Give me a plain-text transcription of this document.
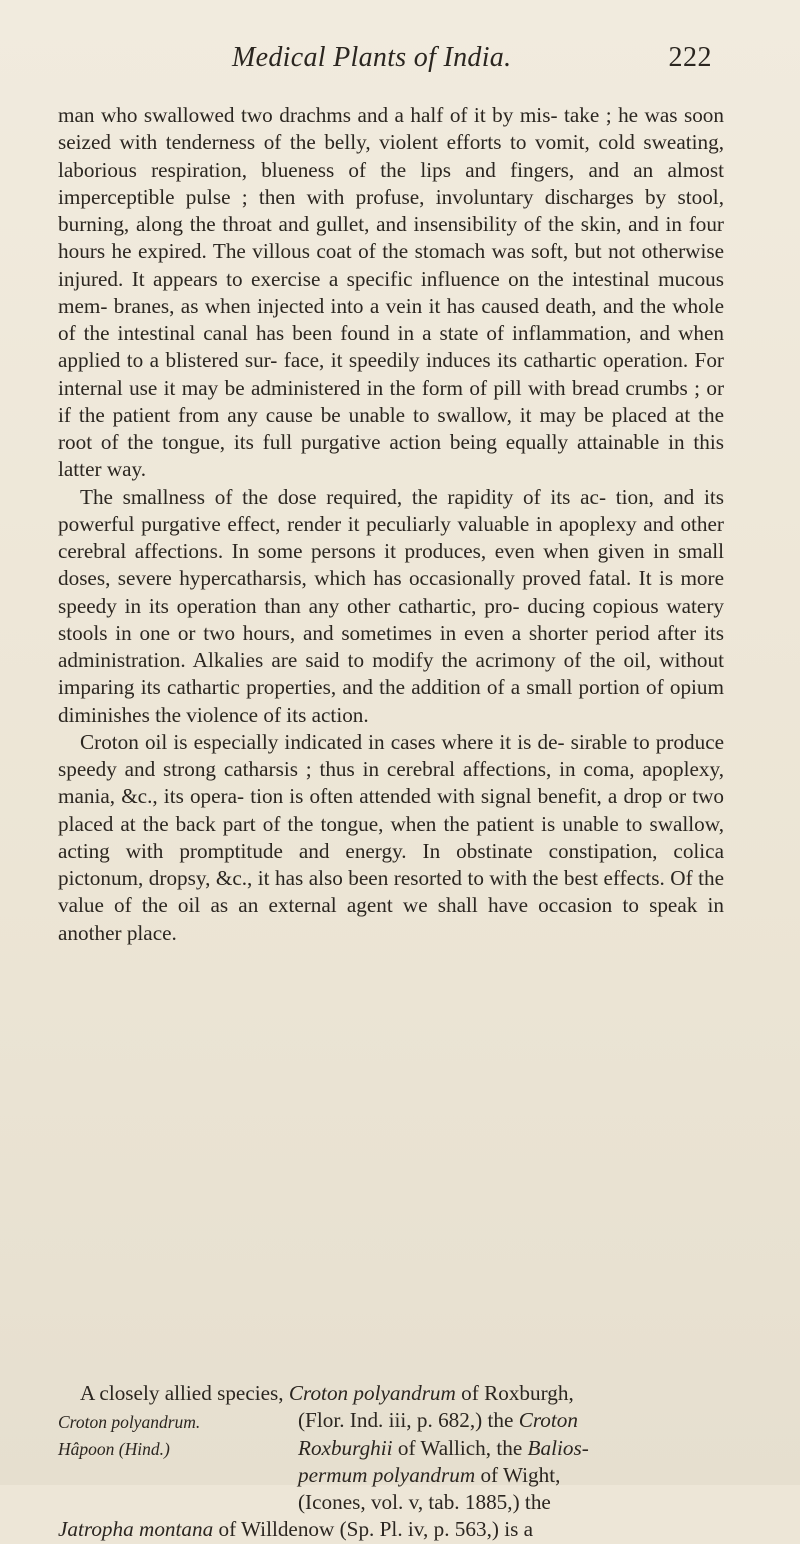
Medical Plants of India.	222

man who swallowed two drachms and a half of it by mis- take ; he was soon seized with tenderness of the belly, violent efforts to vomit, cold sweating, laborious respiration, blueness of the lips and fingers, and an almost imperceptible pulse ; then with profuse, involuntary discharges by stool, burning, along the throat and gullet, and insensibility of the skin, and in four hours he expired. The villous coat of the stomach was soft, but not otherwise injured. It appears to exercise a specific influence on the intestinal mucous mem- branes, as when injected into a vein it has caused death, and the whole of the intestinal canal has been found in a state of inflammation, and when applied to a blistered sur- face, it speedily induces its cathartic operation. For internal use it may be administered in the form of pill with bread crumbs ; or if the patient from any cause be unable to swallow, it may be placed at the root of the tongue, its full purgative action being equally attainable in this latter way.

The smallness of the dose required, the rapidity of its ac- tion, and its powerful purgative effect, render it peculiarly valuable in apoplexy and other cerebral affections. In some persons it produces, even when given in small doses, severe hypercatharsis, which has occasionally proved fatal. It is more speedy in its operation than any other cathartic, pro- ducing copious watery stools in one or two hours, and sometimes in even a shorter period after its administration. Alkalies are said to modify the acrimony of the oil, without imparing its cathartic properties, and the addition of a small portion of opium diminishes the violence of its action.

Croton oil is especially indicated in cases where it is de- sirable to produce speedy and strong catharsis ; thus in cerebral affections, in coma, apoplexy, mania, &c., its opera- tion is often attended with signal benefit, a drop or two placed at the back part of the tongue, when the patient is unable to swallow, acting with promptitude and energy. In obstinate constipation, colica pictonum, dropsy, &c., it has also been resorted to with the best effects. Of the value of the oil as an external agent we shall have occasion to speak in another place.

A closely allied species, Croton polyandrum of Roxburgh,
(Flor. Ind. iii, p. 682,) the Croton
Roxburghii of Wallich, the Balios-
permum polyandrum of Wight,
(Icones, vol. v, tab. 1885,) the
Jatropha montana of Willdenow (Sp. Pl. iv, p. 563,) is a
Croton polyandrum.
Hâpoon (Hind.)
